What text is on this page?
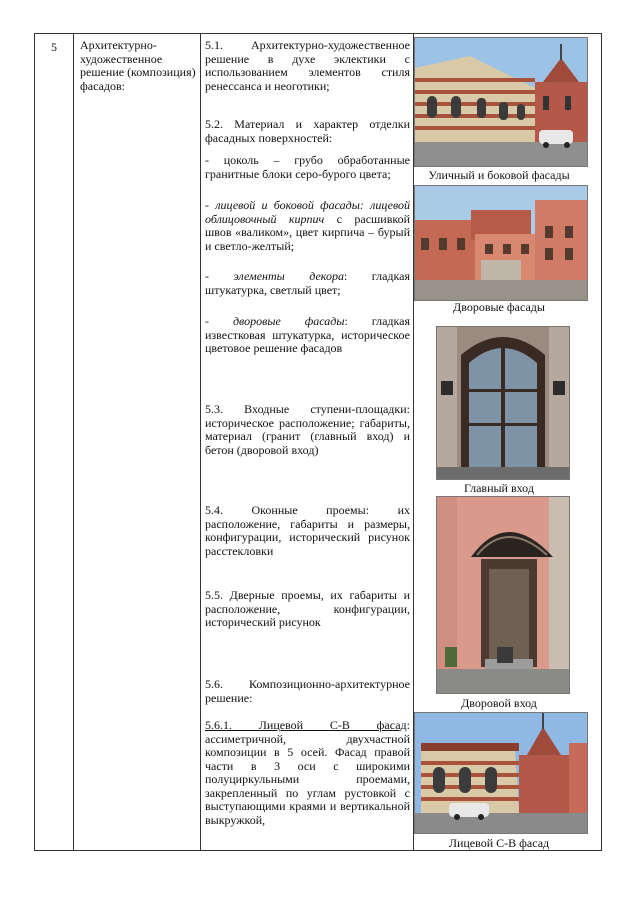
5	Архитектурно-художественное решение (композиция) фасадов:

5.1. Архитектурно-художественное решение в духе эклектики с использованием элементов стиля ренессанса и неоготики;

5.2. Материал и характер отделки фасадных поверхностей:

- цоколь – грубо обработанные гранитные блоки серо-бурого цвета;

- лицевой и боковой фасады: лицевой облицовочный кирпич с расшивкой швов «валиком», цвет кирпича – бурый и светло-желтый;

- элементы декора: гладкая штукатурка, светлый цвет;

- дворовые фасады: гладкая известковая штукатурка, историческое цветовое решение фасадов

5.3. Входные ступени-площадки: историческое расположение; габариты, материал (гранит (главный вход) и бетон (дворовой вход)

5.4. Оконные проемы: их расположение, габариты и размеры, конфигурации, исторический рисунок расстекловки

5.5. Дверные проемы, их габариты и расположение, конфигурации, исторический рисунок

5.6. Композиционно-архитектурное решение:

5.6.1. Лицевой С-В фасад: ассиметричной, двухчастной композиции в 5 осей. Фасад правой части в 3 оси с широкими полуциркульными проемами, закрепленный по углам рустовкой с выступающими краями и вертикальной выкружкой,

Уличный и боковой фасады
Дворовые фасады
Главный вход
Дворовой вход
Лицевой С-В фасад
